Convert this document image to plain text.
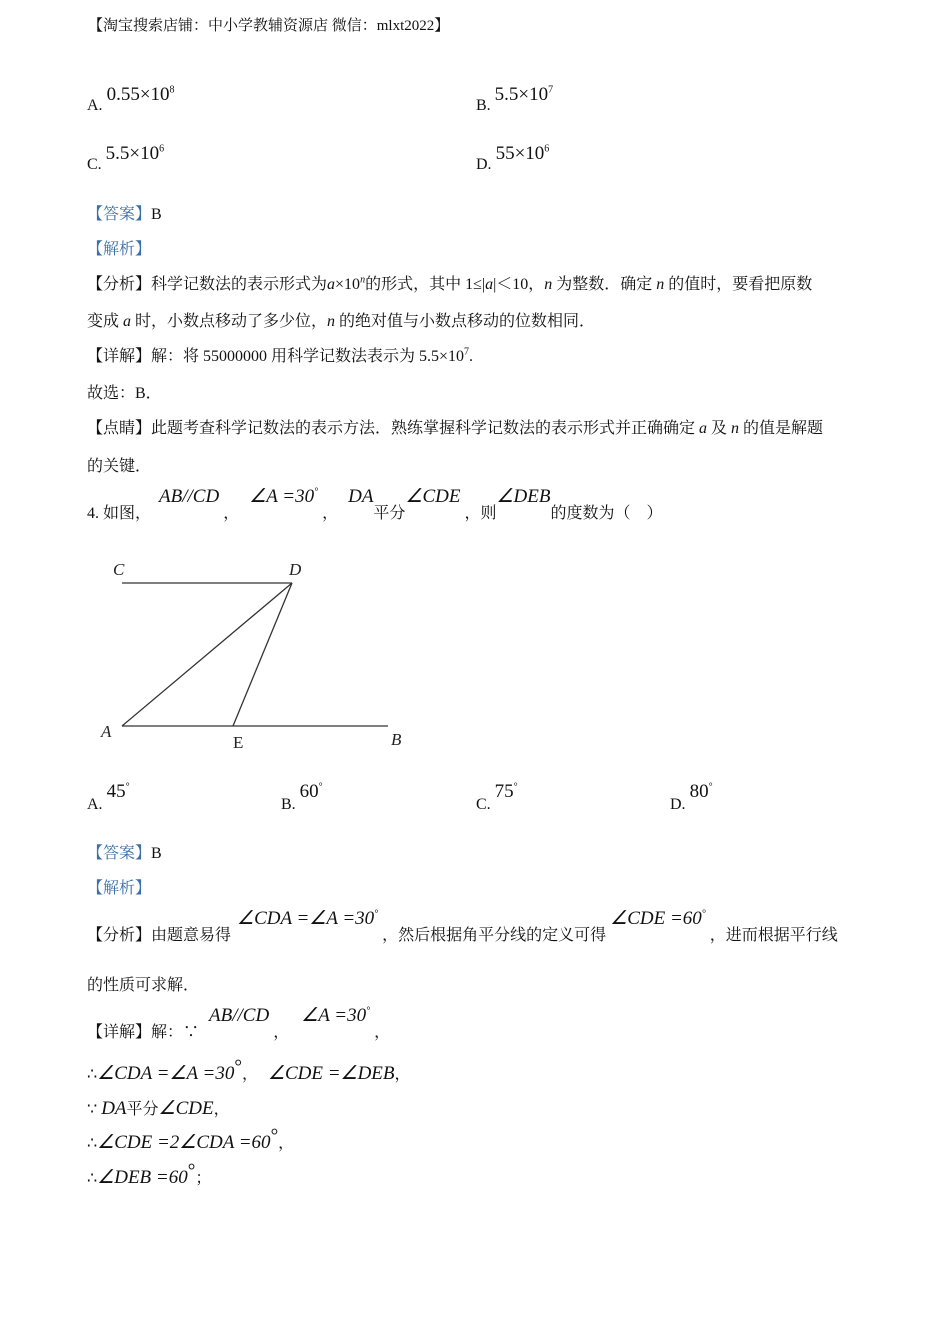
【淘宝搜索店铺：中小学教辅资源店 微信：mlxt2022】
A. $0.55\times 10^8$
B. $5.5\times 10^7$
C. $5.5\times 10^6$
D. $55\times 10^6$
【答案】B
【解析】
【分析】科学记数法的表示形式为$a\times 10^n$的形式，其中 1≤|a|＜10，n 为整数．确定 n 的值时，要看把原数
变成 a 时，小数点移动了多少位，n 的绝对值与小数点移动的位数相同．
【详解】解：将 55000000 用科学记数法表示为 $5.5\times 10^7$.
故选：B．
【点睛】此题考查科学记数法的表示方法．熟练掌握科学记数法的表示形式并正确确定 a 及 n 的值是解题
的关键．
4. 如图， AB//CD ， ∠A =30° ， DA平分∠CDE ，则∠DEB的度数为（　）
C	D
A
E	B
A. 45°
B. 60°
C. 75°
D. 80°
【答案】B
【解析】
【分析】由题意易得 ∠CDA =∠A =30° ，然后根据角平分线的定义可得 ∠CDE =60° ，进而根据平行线
的性质可求解．
【详解】解：∵ AB//CD ， ∠A =30° ，
∴∠CDA =∠A =30°， ∠CDE =∠DEB，
∵ DA平分∠CDE，
∴∠CDE =2∠CDA =60°，
∴∠DEB =60°；
